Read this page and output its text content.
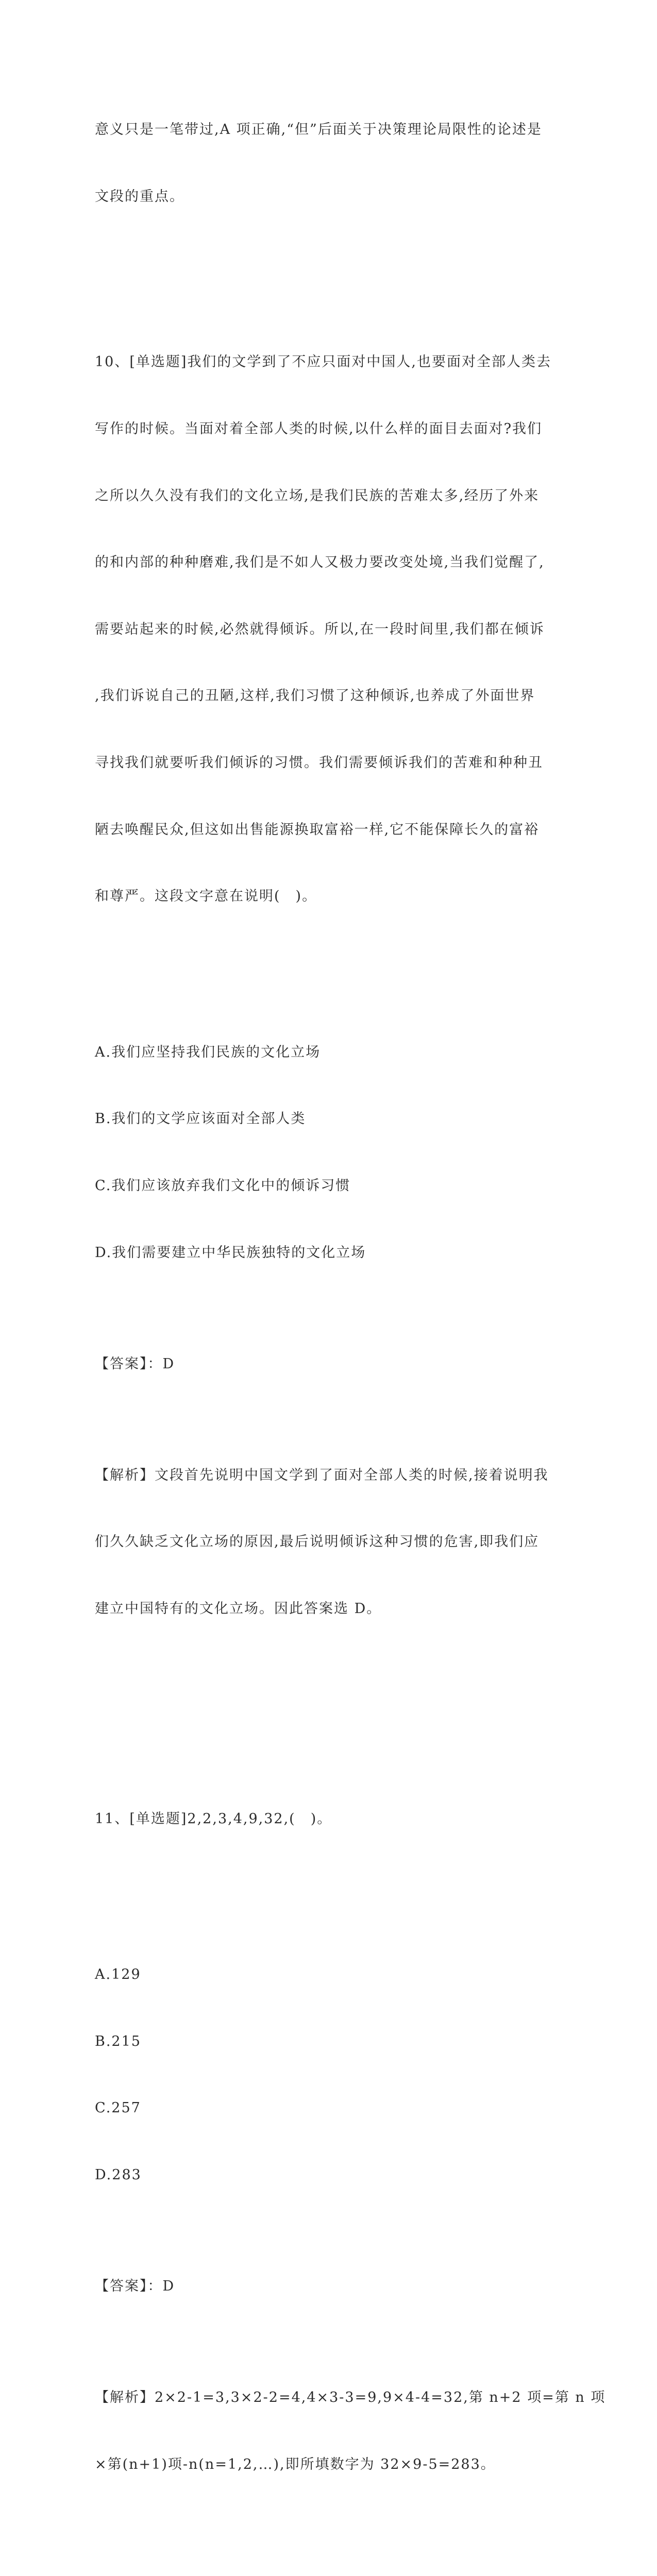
意义只是一笔带过,A 项正确,“但”后面关于决策理论局限性的论述是

文段的重点。

10、[单选题]我们的文学到了不应只面对中国人,也要面对全部人类去

写作的时候。当面对着全部人类的时候,以什么样的面目去面对?我们

之所以久久没有我们的文化立场,是我们民族的苦难太多,经历了外来

的和内部的种种磨难,我们是不如人又极力要改变处境,当我们觉醒了,

需要站起来的时候,必然就得倾诉。所以,在一段时间里,我们都在倾诉

,我们诉说自己的丑陋,这样,我们习惯了这种倾诉,也养成了外面世界

寻找我们就要听我们倾诉的习惯。我们需要倾诉我们的苦难和种种丑

陋去唤醒民众,但这如出售能源换取富裕一样,它不能保障长久的富裕

和尊严。这段文字意在说明(　)。

A.我们应坚持我们民族的文化立场

B.我们的文学应该面对全部人类

C.我们应该放弃我们文化中的倾诉习惯

D.我们需要建立中华民族独特的文化立场

【答案】：D

【解析】文段首先说明中国文学到了面对全部人类的时候,接着说明我

们久久缺乏文化立场的原因,最后说明倾诉这种习惯的危害,即我们应

建立中国特有的文化立场。因此答案选 D。

11、[单选题]2,2,3,4,9,32,(　)。

A.129

B.215

C.257

D.283

【答案】：D

【解析】2×2-1=3,3×2-2=4,4×3-3=9,9×4-4=32,第 n+2 项=第 n 项

×第(n+1)项-n(n=1,2,…),即所填数字为 32×9-5=283。
